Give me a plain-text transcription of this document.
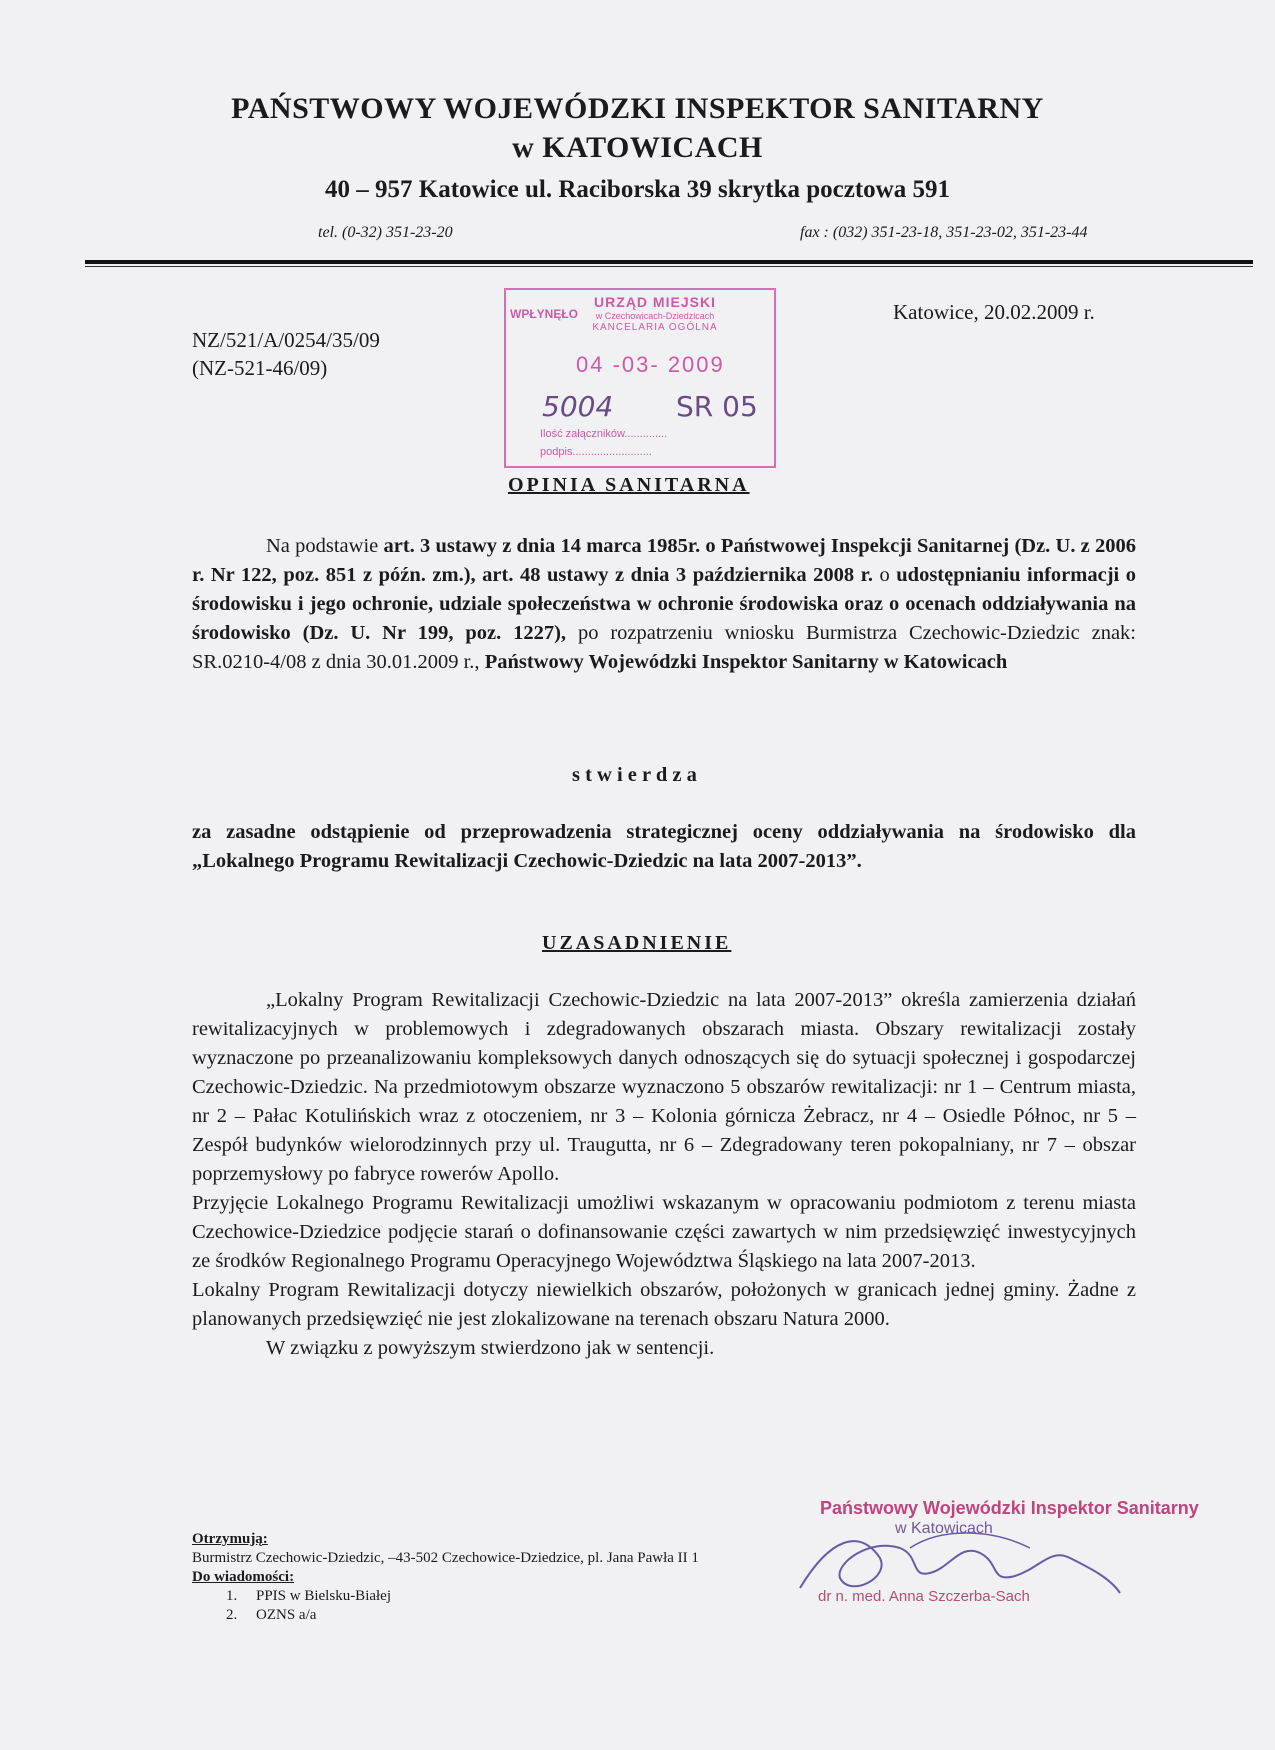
PAŃSTWOWY WOJEWÓDZKI INSPEKTOR SANITARNY
w KATOWICACH
40 – 957 Katowice ul. Raciborska 39 skrytka pocztowa 591
tel. (0-32) 351-23-20	fax : (032) 351-23-18, 351-23-02, 351-23-44
NZ/521/A/0254/35/09
(NZ-521-46/09)
Katowice, 20.02.2009 r.
WPŁYNĘŁO
URZĄD MIEJSKI
w Czechowicach-Dziedzicach
KANCELARIA OGÓLNA
04 -03- 2009
5004 SR 05
Ilość załączników..............
podpis..........................
OPINIA SANITARNA
Na podstawie art. 3 ustawy z dnia 14 marca 1985r. o Państwowej Inspekcji Sanitarnej (Dz. U. z 2006 r. Nr 122, poz. 851 z późn. zm.), art. 48 ustawy z dnia 3 października 2008 r. o udostępnianiu informacji o środowisku i jego ochronie, udziale społeczeństwa w ochronie środowiska oraz o ocenach oddziaływania na środowisko (Dz. U. Nr 199, poz. 1227), po rozpatrzeniu wniosku Burmistrza Czechowic-Dziedzic znak: SR.0210-4/08 z dnia 30.01.2009 r., Państwowy Wojewódzki Inspektor Sanitarny w Katowicach
s t w i e r d z a
za zasadne odstąpienie od przeprowadzenia strategicznej oceny oddziaływania na środowisko dla „Lokalnego Programu Rewitalizacji Czechowic-Dziedzic na lata 2007-2013”.
UZASADNIENIE
„Lokalny Program Rewitalizacji Czechowic-Dziedzic na lata 2007-2013” określa zamierzenia działań rewitalizacyjnych w problemowych i zdegradowanych obszarach miasta. Obszary rewitalizacji zostały wyznaczone po przeanalizowaniu kompleksowych danych odnoszących się do sytuacji społecznej i gospodarczej Czechowic-Dziedzic. Na przedmiotowym obszarze wyznaczono 5 obszarów rewitalizacji: nr 1 – Centrum miasta, nr 2 – Pałac Kotulińskich wraz z otoczeniem, nr 3 – Kolonia górnicza Żebracz, nr 4 – Osiedle Północ, nr 5 – Zespół budynków wielorodzinnych przy ul. Traugutta, nr 6 – Zdegradowany teren pokopalniany, nr 7 – obszar poprzemysłowy po fabryce rowerów Apollo.
Przyjęcie Lokalnego Programu Rewitalizacji umożliwi wskazanym w opracowaniu podmiotom z terenu miasta Czechowice-Dziedzice podjęcie starań o dofinansowanie części zawartych w nim przedsięwzięć inwestycyjnych ze środków Regionalnego Programu Operacyjnego Województwa Śląskiego na lata 2007-2013.
Lokalny Program Rewitalizacji dotyczy niewielkich obszarów, położonych w granicach jednej gminy. Żadne z planowanych przedsięwzięć nie jest zlokalizowane na terenach obszaru Natura 2000.
W związku z powyższym stwierdzono jak w sentencji.
Otrzymują:
Burmistrz Czechowic-Dziedzic, –43-502 Czechowice-Dziedzice, pl. Jana Pawła II 1
Do wiadomości:
1. PPIS w Bielsku-Białej
2. OZNS a/a
Państwowy Wojewódzki Inspektor Sanitarny
w Katowicach
dr n. med. Anna Szczerba-Sach
